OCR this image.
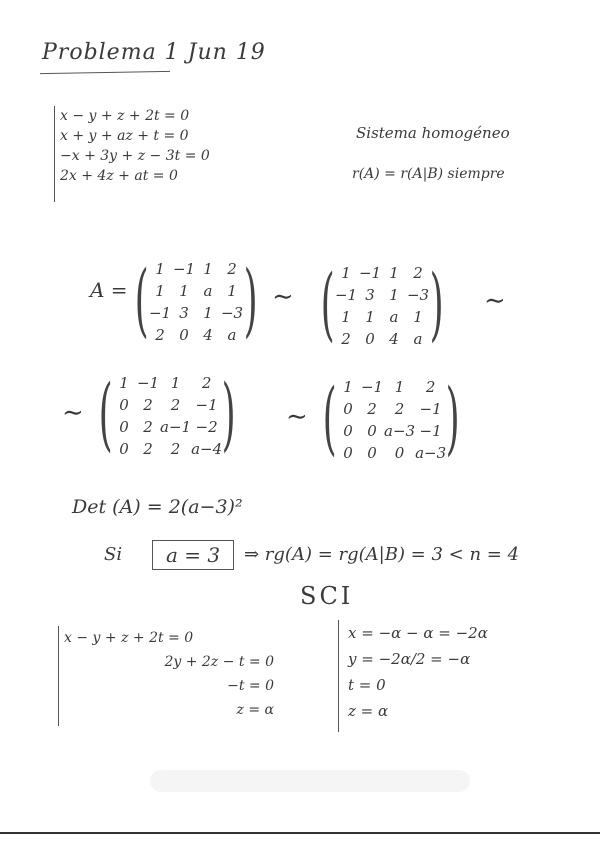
Problema 1 Jun 19
x − y + z + 2t = 0
x + y + az + t = 0
−x + 3y + z − 3t = 0
2x + 4z + at = 0
Sistema homogéneo
r(A) = r(A|B) siempre
A = ( 1	−1	1	2
1	1	a	1
−1	3	1	−3
2	0	4	a ) ∼ ( 1	−1	1	2
−1	3	1	−3
1	1	a	1
2	0	4	a ) ∼
∼ ( 1	−1	1	2
0	2	2	−1
0	2	a−1	−2
0	2	2	a−4 ) ∼ ( 1	−1	1	2
0	2	2	−1
0	0	a−3	−1
0	0	0	a−3 )
Det (A) = 2(a−3)²
Si	a = 3	⇒ rg(A) = rg(A|B) = 3 < n = 4
SCI
x − y + z + 2t = 0
2y + 2z − t = 0
−t = 0
z = α
x = −α − α = −2α
y = −2α/2 = −α
t = 0
z = α
